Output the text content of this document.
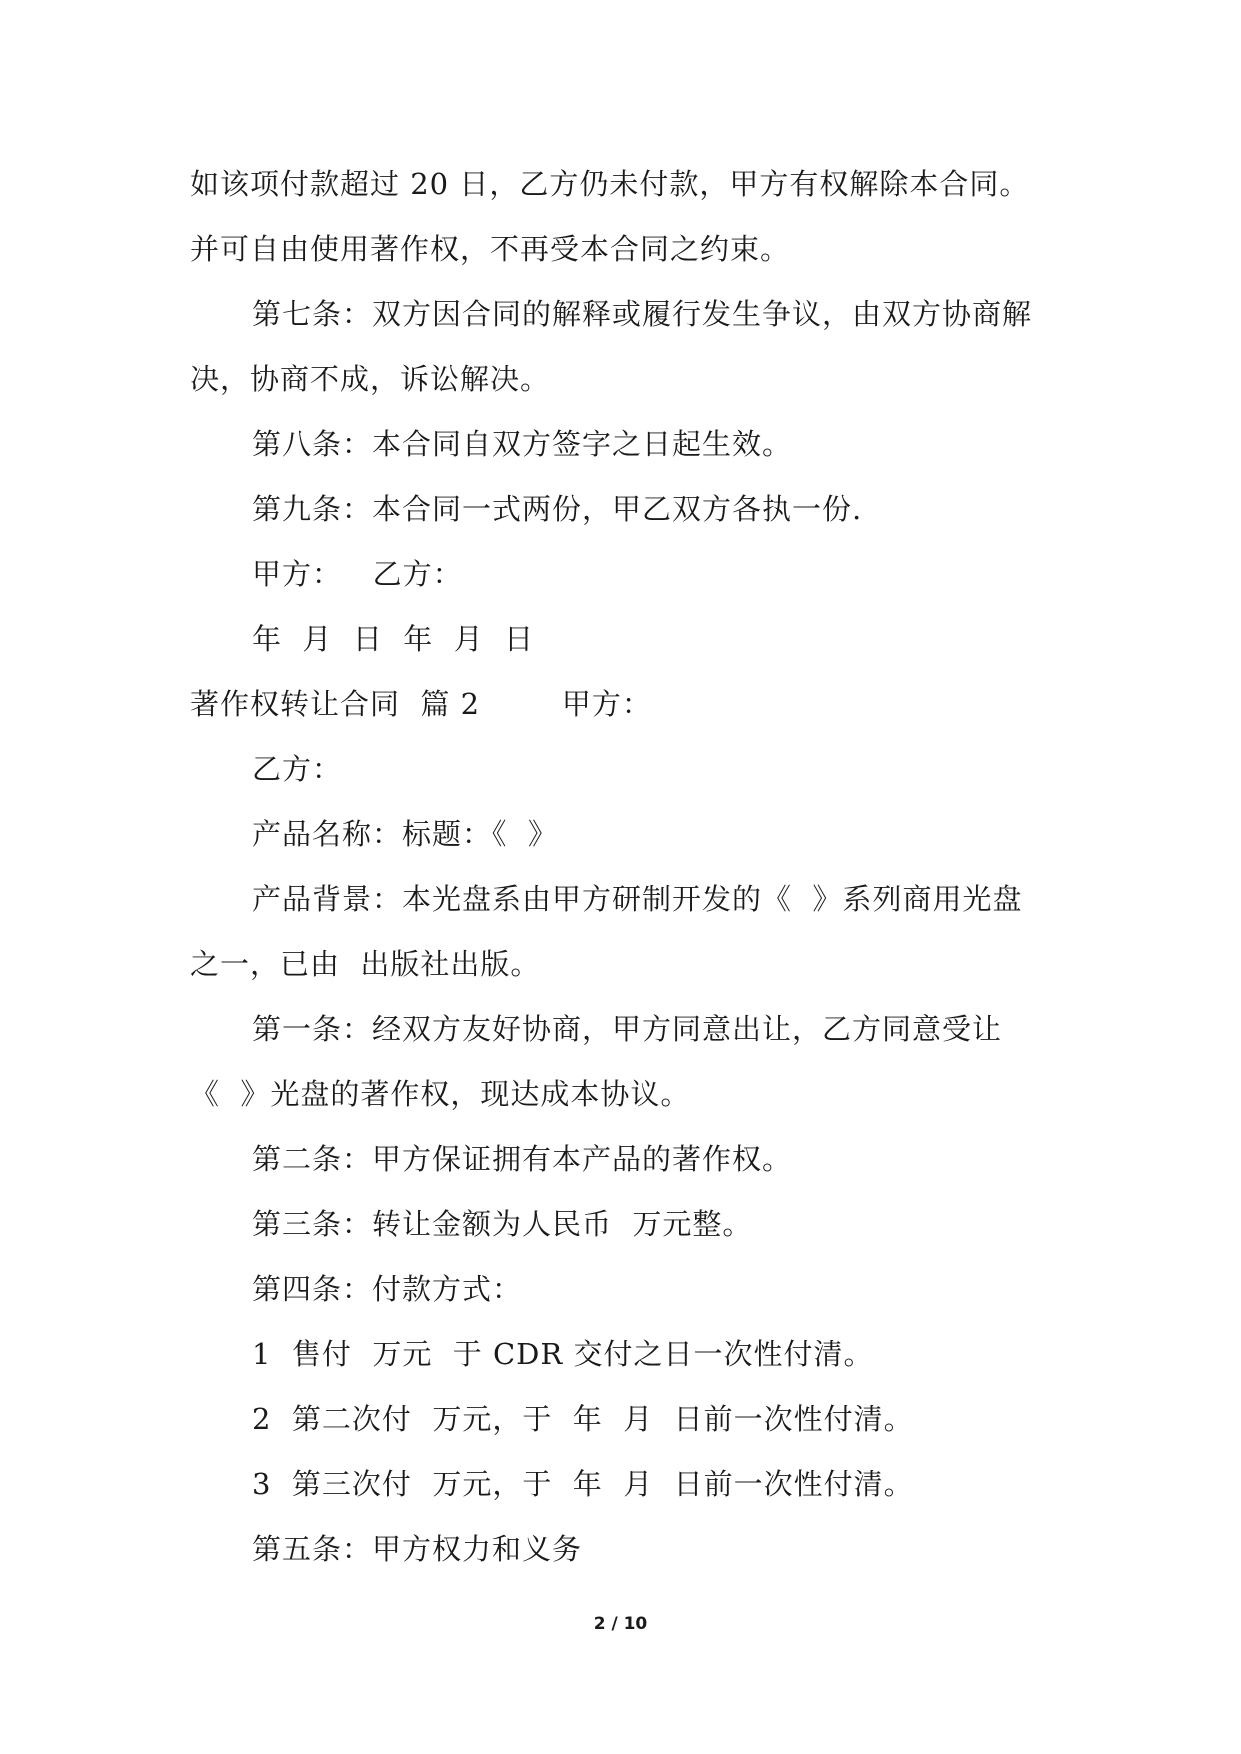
如该项付款超过 20 日，乙方仍未付款，甲方有权解除本合同。
并可自由使用著作权，不再受本合同之约束。
第七条：双方因合同的解释或履行发生争议，由双方协商解
决，协商不成，诉讼解决。
第八条：本合同自双方签字之日起生效。
第九条：本合同一式两份，甲乙双方各执一份.
甲方：   乙方：
年  月  日  年  月  日
著作权转让合同  篇 2        甲方：
乙方：
产品名称：标题：《  》
产品背景：本光盘系由甲方研制开发的《  》系列商用光盘
之一，已由  出版社出版。
第一条：经双方友好协商，甲方同意出让，乙方同意受让
《  》光盘的著作权，现达成本协议。
第二条：甲方保证拥有本产品的著作权。
第三条：转让金额为人民币  万元整。
第四条：付款方式：
1  售付  万元  于 CDR 交付之日一次性付清。
2  第二次付  万元，于  年  月  日前一次性付清。
3  第三次付  万元，于  年  月  日前一次性付清。
第五条：甲方权力和义务
2 / 10
